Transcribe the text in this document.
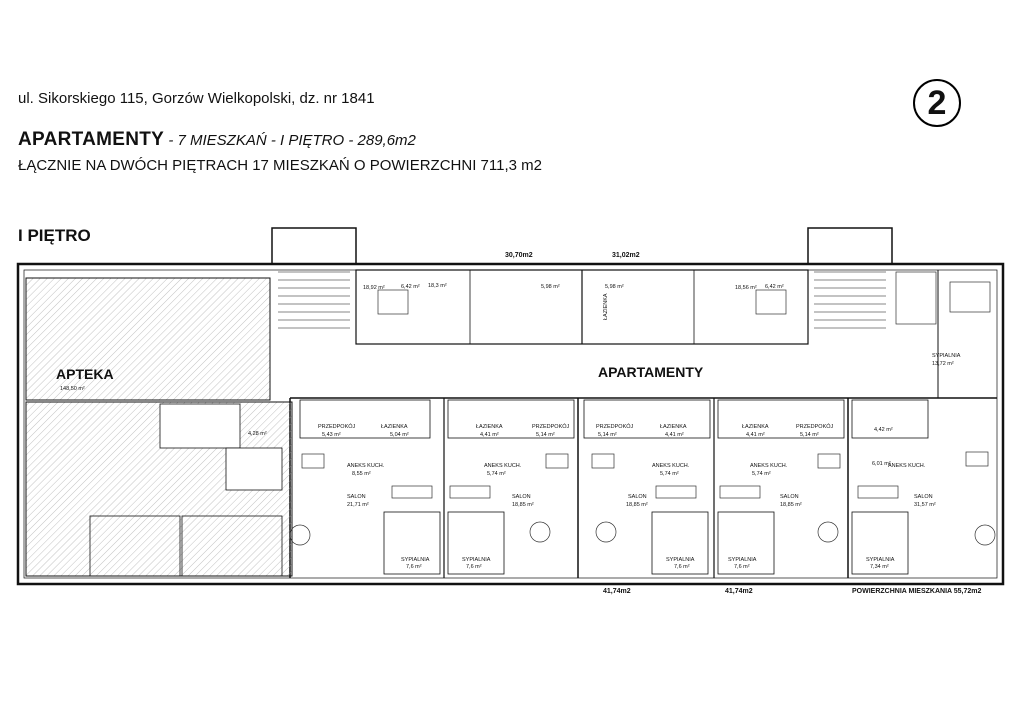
ul. Sikorskiego 115, Gorzów Wielkopolski, dz. nr 1841
APARTAMENTY - 7 MIESZKAŃ - I PIĘTRO - 289,6m2
ŁĄCZNIE NA DWÓCH PIĘTRACH 17 MIESZKAŃ O POWIERZCHNI 711,3 m2
I PIĘTRO
2
APTEKA	APARTAMENTY
30,70m2	31,02m2
41,74m2	41,74m2	POWIERZCHNIA MIESZKANIA 55,72m2
18,92 m²	6,42 m² 18,3 m²	5,98 m²	5,98 m²
ŁAZIENKA
18,56 m² 6,42 m²
SYPIALNIA
13,72 m²
4,28 m²
148,50 m²
PRZEDPOKÓJ
5,43 m²
ŁAZIENKA
5,04 m²
ANEKS KUCH.
8,55 m²
SALON
21,71 m²
SYPIALNIA
7,6 m²
ŁAZIENKA
4,41 m²
ANEKS KUCH.
5,74 m²
SALON
18,85 m²
SYPIALNIA
7,6 m²
PRZEDPOKÓJ
5,14 m²
PRZEDPOKÓJ
5,14 m²
ŁAZIENKA
4,41 m²
ANEKS KUCH.
5,74 m²
SALON
18,85 m²
SYPIALNIA
7,6 m²
ŁAZIENKA
4,41 m²
ANEKS KUCH.
5,74 m²
SALON
18,85 m²
SYPIALNIA
7,6 m²
PRZEDPOKÓJ
5,14 m²
4,42 m²
ANEKS KUCH.
6,01 m²
SALON
31,57 m²
SYPIALNIA
7,34 m²
